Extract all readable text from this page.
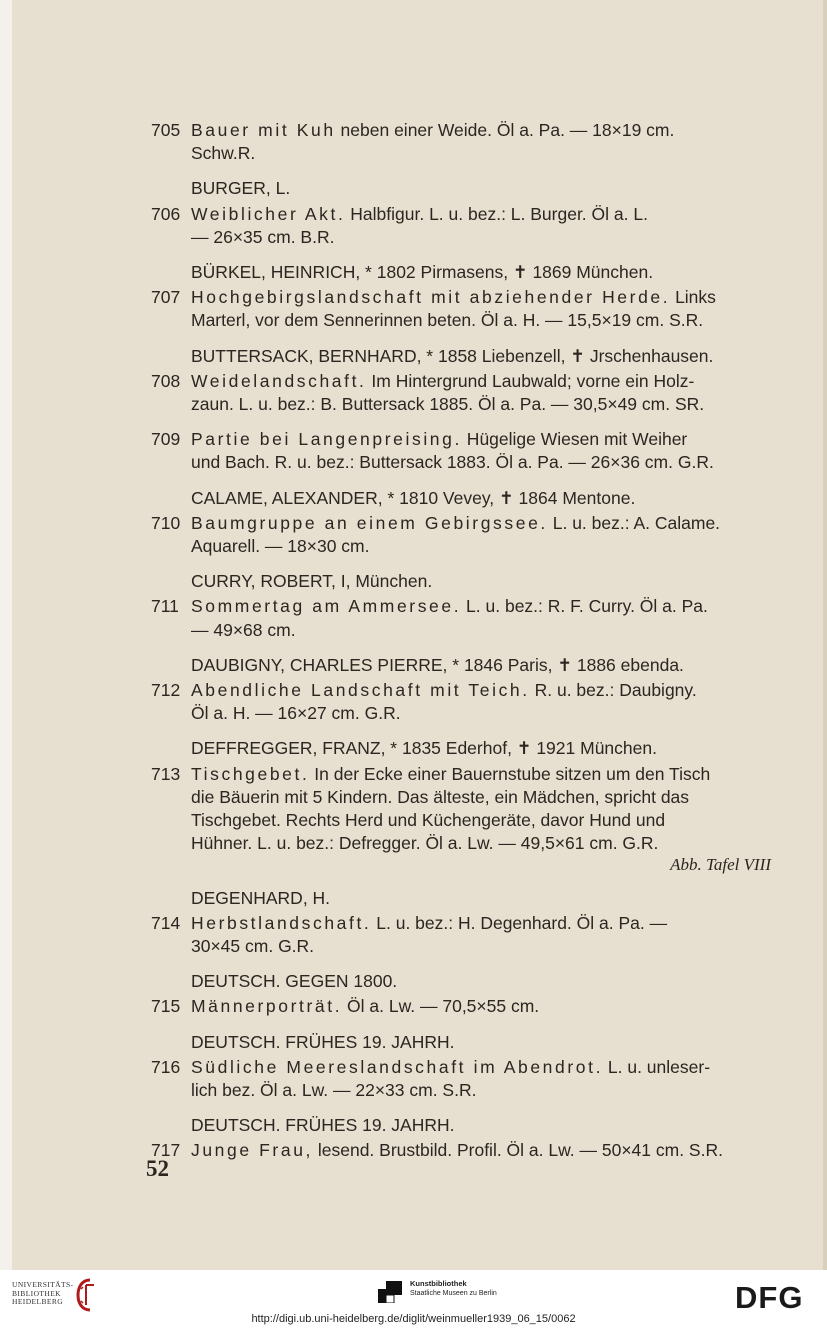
705 Bauer mit Kuh neben einer Weide. Öl a. Pa. — 18×19 cm.
Schw.R.
BURGER, L.
706 Weiblicher Akt. Halbfigur. L. u. bez.: L. Burger. Öl a. L.
— 26×35 cm. B.R.
BÜRKEL, HEINRICH, * 1802 Pirmasens, ✝ 1869 München.
707 Hochgebirgslandschaft mit abziehender Herde. Links
Marterl, vor dem Sennerinnen beten. Öl a. H. — 15,5×19 cm. S.R.
BUTTERSACK, BERNHARD, * 1858 Liebenzell, ✝ Jrschenhausen.
708 Weidelandschaft. Im Hintergrund Laubwald; vorne ein Holz-
zaun. L. u. bez.: B. Buttersack 1885. Öl a. Pa. — 30,5×49 cm. SR.
709 Partie bei Langenpreising. Hügelige Wiesen mit Weiher
und Bach. R. u. bez.: Buttersack 1883. Öl a. Pa. — 26×36 cm. G.R.
CALAME, ALEXANDER, * 1810 Vevey, ✝ 1864 Mentone.
710 Baumgruppe an einem Gebirgssee. L. u. bez.: A. Calame.
Aquarell. — 18×30 cm.
CURRY, ROBERT, I, München.
711 Sommertag am Ammersee. L. u. bez.: R. F. Curry. Öl a. Pa.
— 49×68 cm.
DAUBIGNY, CHARLES PIERRE, * 1846 Paris, ✝ 1886 ebenda.
712 Abendliche Landschaft mit Teich. R. u. bez.: Daubigny.
Öl a. H. — 16×27 cm. G.R.
DEFFREGGER, FRANZ, * 1835 Ederhof, ✝ 1921 München.
713 Tischgebet. In der Ecke einer Bauernstube sitzen um den Tisch
die Bäuerin mit 5 Kindern. Das älteste, ein Mädchen, spricht das
Tischgebet. Rechts Herd und Küchengeräte, davor Hund und
Hühner. L. u. bez.: Defregger. Öl a. Lw. — 49,5×61 cm. G.R.
Abb. Tafel VIII
DEGENHARD, H.
714 Herbstlandschaft. L. u. bez.: H. Degenhard. Öl a. Pa. —
30×45 cm. G.R.
DEUTSCH. GEGEN 1800.
715 Männerporträt. Öl a. Lw. — 70,5×55 cm.
DEUTSCH. FRÜHES 19. JAHRH.
716 Südliche Meereslandschaft im Abendrot. L. u. unleser-
lich bez. Öl a. Lw. — 22×33 cm. S.R.
DEUTSCH. FRÜHES 19. JAHRH.
717 Junge Frau, lesend. Brustbild. Profil. Öl a. Lw. — 50×41 cm. S.R.
52
UNIVERSITÄTS-
BIBLIOTHEK
HEIDELBERG
Kunstbibliothek
Staatliche Museen zu Berlin	DFG
http://digi.ub.uni-heidelberg.de/diglit/weinmueller1939_06_15/0062
